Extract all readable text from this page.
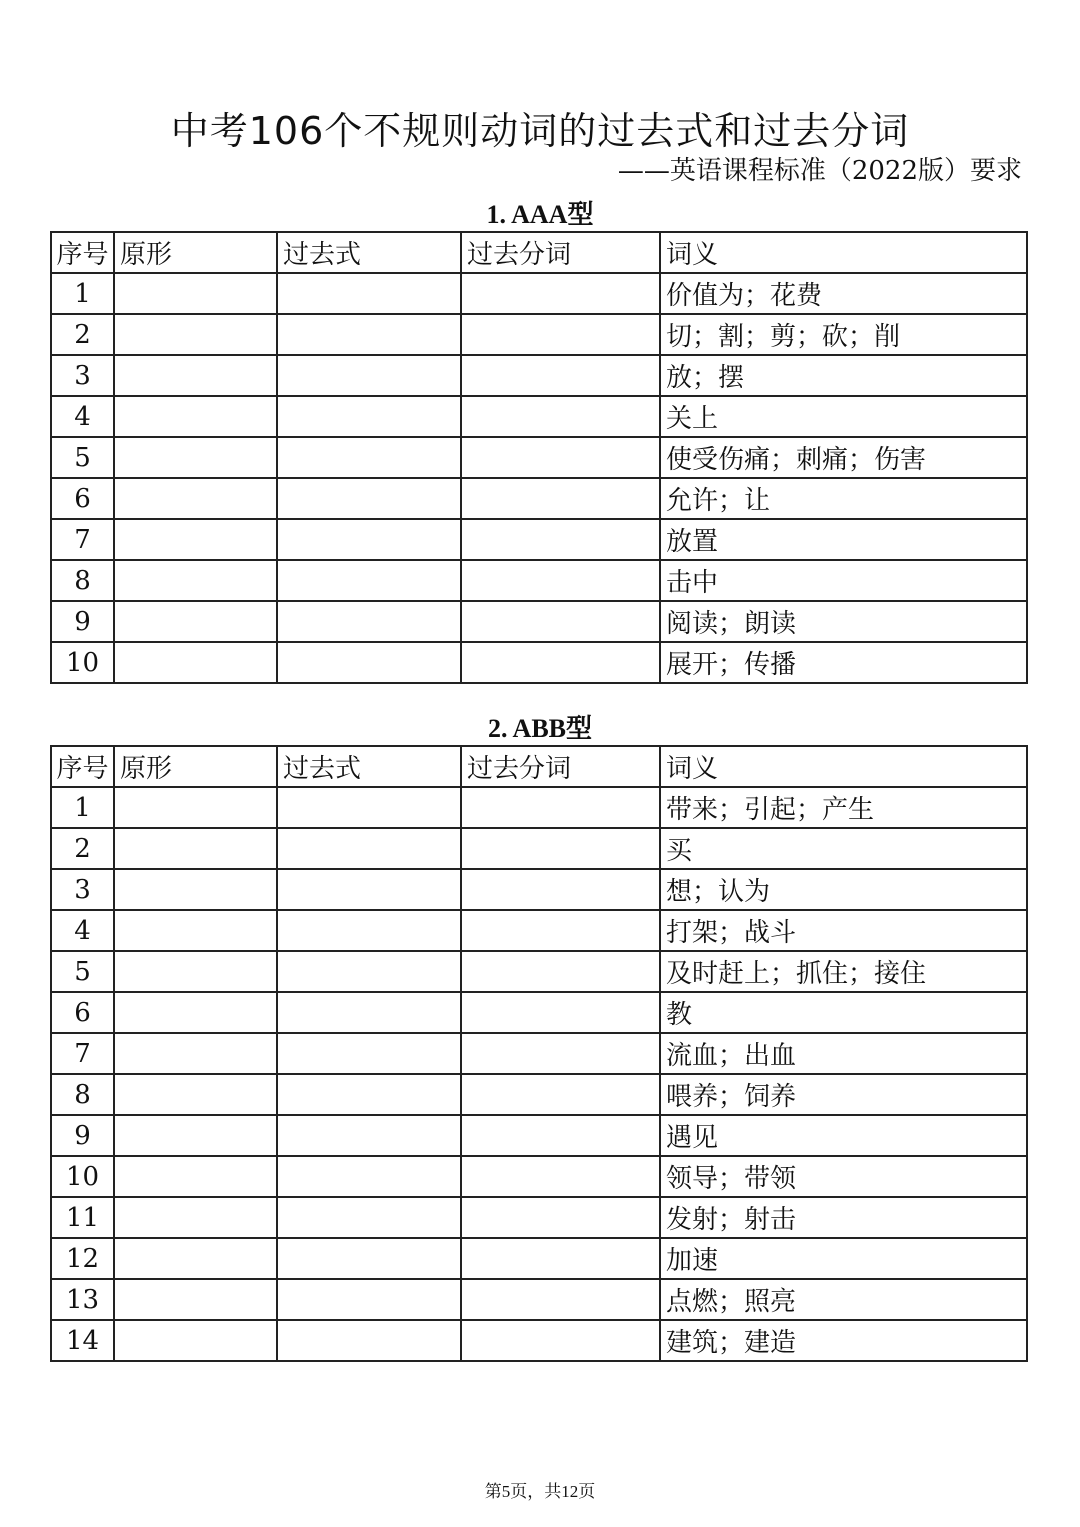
中考106个不规则动词的过去式和过去分词
——英语课程标准（2022版）要求
1. AAA型
序号	原形	过去式	过去分词	词义
1				价值为；花费
2				切；割；剪；砍；削
3				放；摆
4				关上
5				使受伤痛；刺痛；伤害
6				允许；让
7				放置
8				击中
9				阅读；朗读
10				展开；传播
2. ABB型
序号	原形	过去式	过去分词	词义
1				带来；引起；产生
2				买
3				想；认为
4				打架；战斗
5				及时赶上；抓住；接住
6				教
7				流血；出血
8				喂养；饲养
9				遇见
10				领导；带领
11				发射；射击
12				加速
13				点燃；照亮
14				建筑；建造
第5页，共12页
